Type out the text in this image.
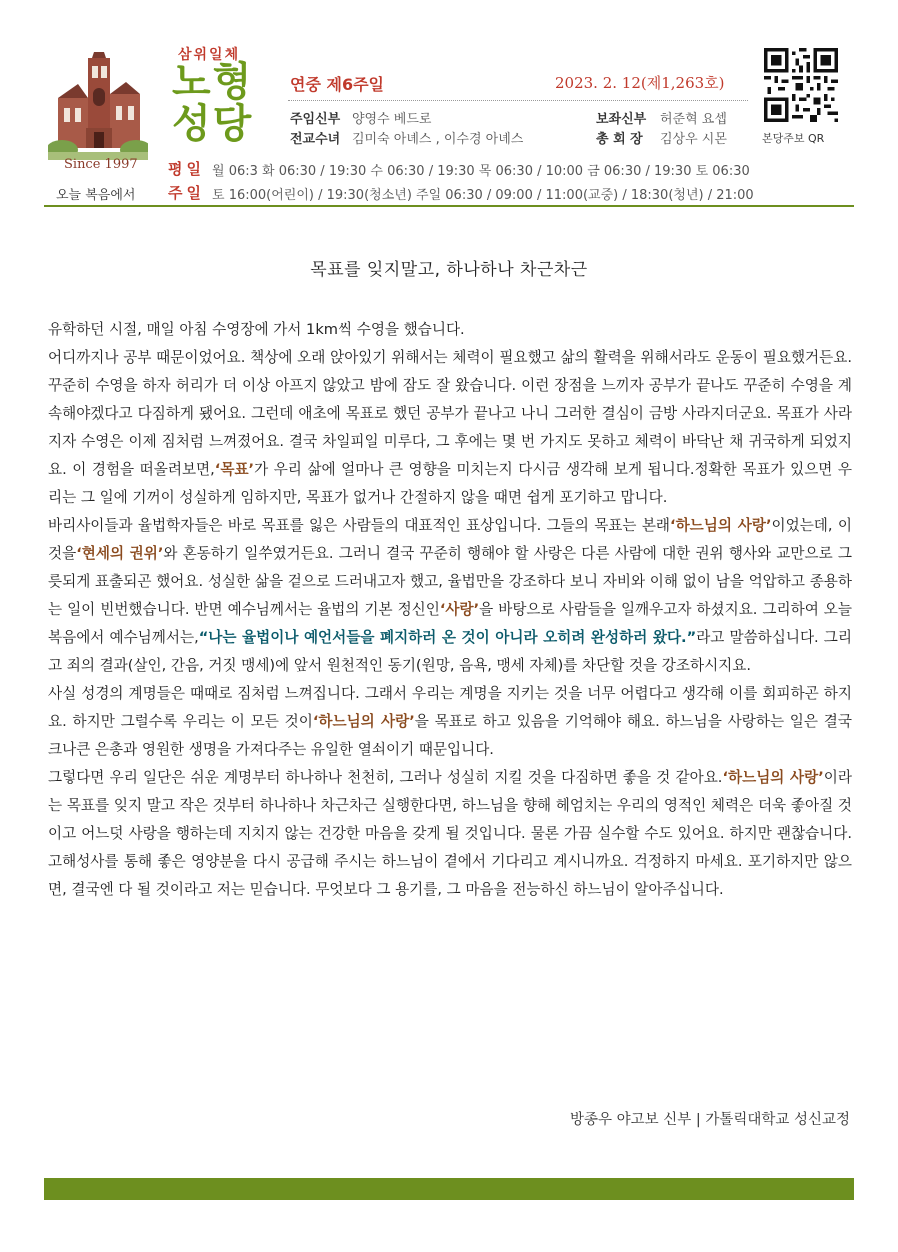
Since 1997
삼위일체
노형
성당
연중 제6주일	2023. 2. 12(제1,263호)
주임신부 양영수 베드로	보좌신부 허준혁 요셉
전교수녀 김미숙 아녜스 , 이수경 아녜스	총 회 장 김상우 시몬	본당주보 QR
평일 월 06:3 화 06:30 / 19:30 수 06:30 / 19:30 목 06:30 / 10:00 금 06:30 / 19:30 토 06:30
오늘 복음에서 주일 토 16:00(어린이) / 19:30(청소년) 주일 06:30 / 09:00 / 11:00(교중) / 18:30(청년) / 21:00
목표를 잊지말고, 하나하나 차근차근

유학하던 시절, 매일 아침 수영장에 가서 1km씩 수영을 했습니다.

어디까지나 공부 때문이었어요. 책상에 오래 앉아있기 위해서는 체력이 필요했고 삶의 활력을 위해서라도 운동이 필요했거든요. 꾸준히 수영을 하자 허리가 더 이상 아프지 않았고 밤에 잠도 잘 왔습니다. 이런 장점을 느끼자 공부가 끝나도 꾸준히 수영을 계속해야겠다고 다짐하게 됐어요. 그런데 애초에 목표로 했던 공부가 끝나고 나니 그러한 결심이 금방 사라지더군요. 목표가 사라지자 수영은 이제 짐처럼 느껴졌어요. 결국 차일피일 미루다, 그 후에는 몇 번 가지도 못하고 체력이 바닥난 채 귀국하게 되었지요. 이 경험을 떠올려보면,‘목표’가 우리 삶에 얼마나 큰 영향을 미치는지 다시금 생각해 보게 됩니다.정확한 목표가 있으면 우리는 그 일에 기꺼이 성실하게 임하지만, 목표가 없거나 간절하지 않을 때면 쉽게 포기하고 맙니다.

바리사이들과 율법학자들은 바로 목표를 잃은 사람들의 대표적인 표상입니다. 그들의 목표는 본래‘하느님의 사랑’이었는데, 이것을‘현세의 권위’와 혼동하기 일쑤였거든요. 그러니 결국 꾸준히 행해야 할 사랑은 다른 사람에 대한 권위 행사와 교만으로 그릇되게 표출되곤 했어요. 성실한 삶을 겉으로 드러내고자 했고, 율법만을 강조하다 보니 자비와 이해 없이 남을 억압하고 종용하는 일이 빈번했습니다. 반면 예수님께서는 율법의 기본 정신인‘사랑’을 바탕으로 사람들을 일깨우고자 하셨지요. 그리하여 오늘 복음에서 예수님께서는,“나는 율법이나 예언서들을 폐지하러 온 것이 아니라 오히려 완성하러 왔다.”라고 말씀하십니다. 그리고 죄의 결과(살인, 간음, 거짓 맹세)에 앞서 원천적인 동기(원망, 음욕, 맹세 자체)를 차단할 것을 강조하시지요.

사실 성경의 계명들은 때때로 짐처럼 느껴집니다. 그래서 우리는 계명을 지키는 것을 너무 어렵다고 생각해 이를 회피하곤 하지요. 하지만 그럴수록 우리는 이 모든 것이‘하느님의 사랑’을 목표로 하고 있음을 기억해야 해요. 하느님을 사랑하는 일은 결국 크나큰 은총과 영원한 생명을 가져다주는 유일한 열쇠이기 때문입니다.

그렇다면 우리 일단은 쉬운 계명부터 하나하나 천천히, 그러나 성실히 지킬 것을 다짐하면 좋을 것 같아요.‘하느님의 사랑’이라는 목표를 잊지 말고 작은 것부터 하나하나 차근차근 실행한다면, 하느님을 향해 헤엄치는 우리의 영적인 체력은 더욱 좋아질 것이고 어느덧 사랑을 행하는데 지치지 않는 건강한 마음을 갖게 될 것입니다. 물론 가끔 실수할 수도 있어요. 하지만 괜찮습니다. 고해성사를 통해 좋은 영양분을 다시 공급해 주시는 하느님이 곁에서 기다리고 계시니까요. 걱정하지 마세요. 포기하지만 않으면, 결국엔 다 될 것이라고 저는 믿습니다. 무엇보다 그 용기를, 그 마음을 전능하신 하느님이 알아주십니다.

방종우 야고보 신부 | 가톨릭대학교 성신교정
